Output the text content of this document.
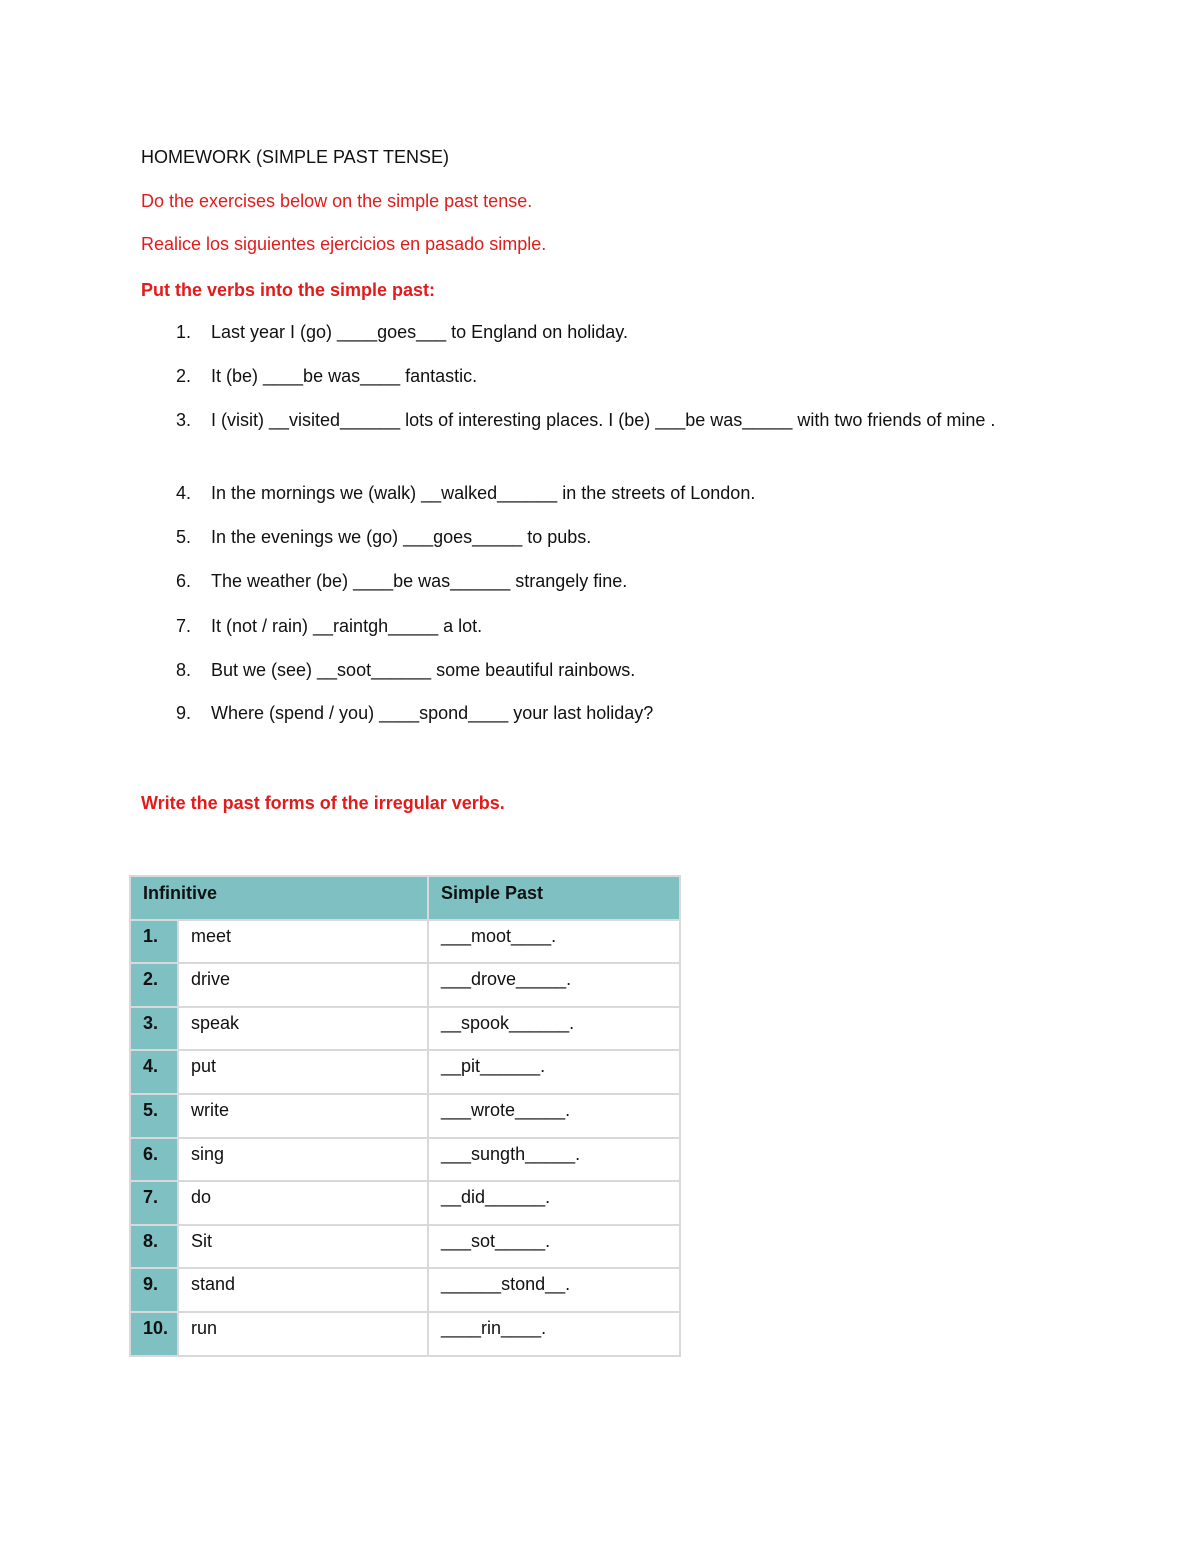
HOMEWORK (SIMPLE PAST TENSE)
Do the exercises below on the simple past tense.
Realice los siguientes ejercicios en pasado simple.
Put the verbs into the simple past:
1.	Last year I (go) ____goes___ to England on holiday.
2.	It (be) ____be was____ fantastic.
3.	I (visit) __visited______ lots of interesting places. I (be) ___be was_____ with two friends of mine .
4.	In the mornings we (walk) __walked______ in the streets of London.
5.	In the evenings we (go) ___goes_____ to pubs.
6.	The weather (be) ____be was______ strangely fine.
7.	It (not / rain) __raintgh_____ a lot.
8.	But we (see) __soot______ some beautiful rainbows.
9.	Where (spend / you) ____spond____ your last holiday?
Write the past forms of the irregular verbs.
Infinitive		Simple Past
1.	meet	___moot____.
2.	drive	___drove_____.
3.	speak	__spook______.
4.	put	__pit______.
5.	write	___wrote_____.
6.	sing	___sungth_____.
7.	do	__did______.
8.	Sit	___sot_____.
9.	stand	______stond__.
10.	run	____rin____.
